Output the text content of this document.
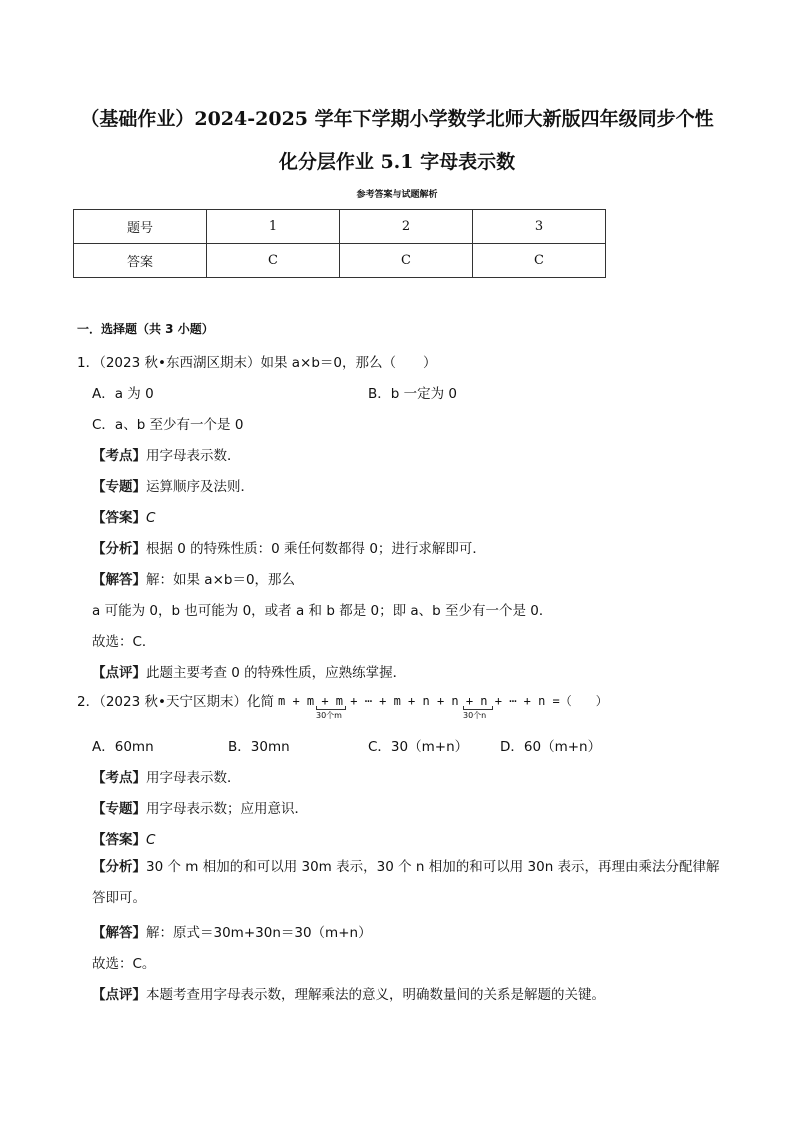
（基础作业）2024-2025 学年下学期小学数学北师大新版四年级同步个性
化分层作业 5.1 字母表示数
参考答案与试题解析
题号	1	2	3
答案	C	C	C
一．选择题（共 3 小题）
1．（2023 秋•东西湖区期末）如果 a×b＝0，那么（　　）
A．a 为 0	B．b 一定为 0
C．a、b 至少有一个是 0
【考点】用字母表示数．
【专题】运算顺序及法则．
【答案】C
【分析】根据 0 的特殊性质：0 乘任何数都得 0；进行求解即可．
【解答】解：如果 a×b＝0，那么
a 可能为 0，b 也可能为 0，或者 a 和 b 都是 0；即 a、b 至少有一个是 0．
故选：C．
【点评】此题主要考查 0 的特殊性质，应熟练掌握．
2．（2023 秋•天宁区期末）化简 m + m + m + ⋯ + m + n + n + n + ⋯ + n =（　　）
30个m	30个n
A．60mn	B．30mn	C．30（m+n） D．60（m+n）
【考点】用字母表示数．
【专题】用字母表示数；应用意识．
【答案】C
【分析】30 个 m 相加的和可以用 30m 表示，30 个 n 相加的和可以用 30n 表示，再理由乘法分配律解答即可。
【解答】解：原式＝30m+30n＝30（m+n）
故选：C。
【点评】本题考查用字母表示数，理解乘法的意义，明确数量间的关系是解题的关键。
